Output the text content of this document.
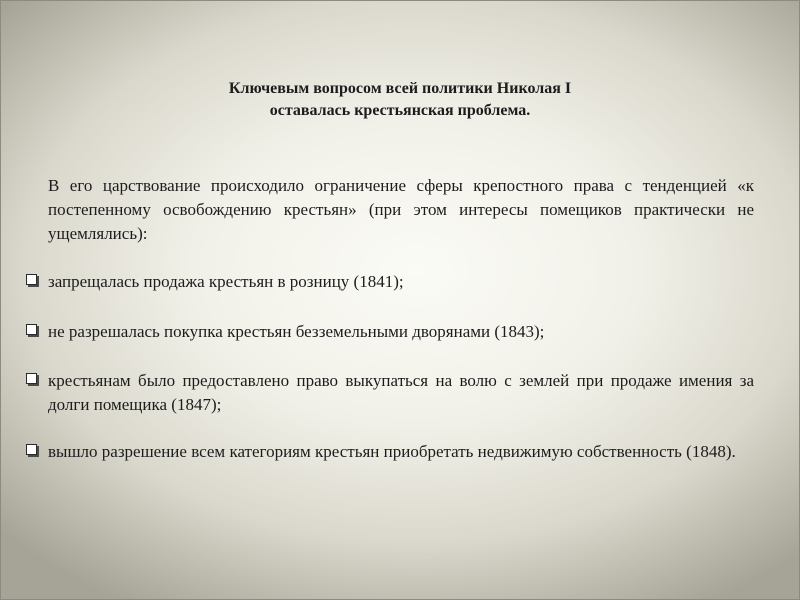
Ключевым вопросом всей политики Николая I
оставалась крестьянская проблема.

В его царствование происходило ограничение сферы крепостного права с тенденцией «к постепенному освобождению крестьян» (при этом интересы помещиков практически не ущемлялись):

запрещалась продажа крестьян в розницу (1841);
не разрешалась покупка крестьян безземельными дворянами (1843);
крестьянам было предоставлено право выкупаться на волю с землей при продаже имения за долги помещика (1847);
вышло разрешение всем категориям крестьян приобретать недвижимую собственность (1848).
